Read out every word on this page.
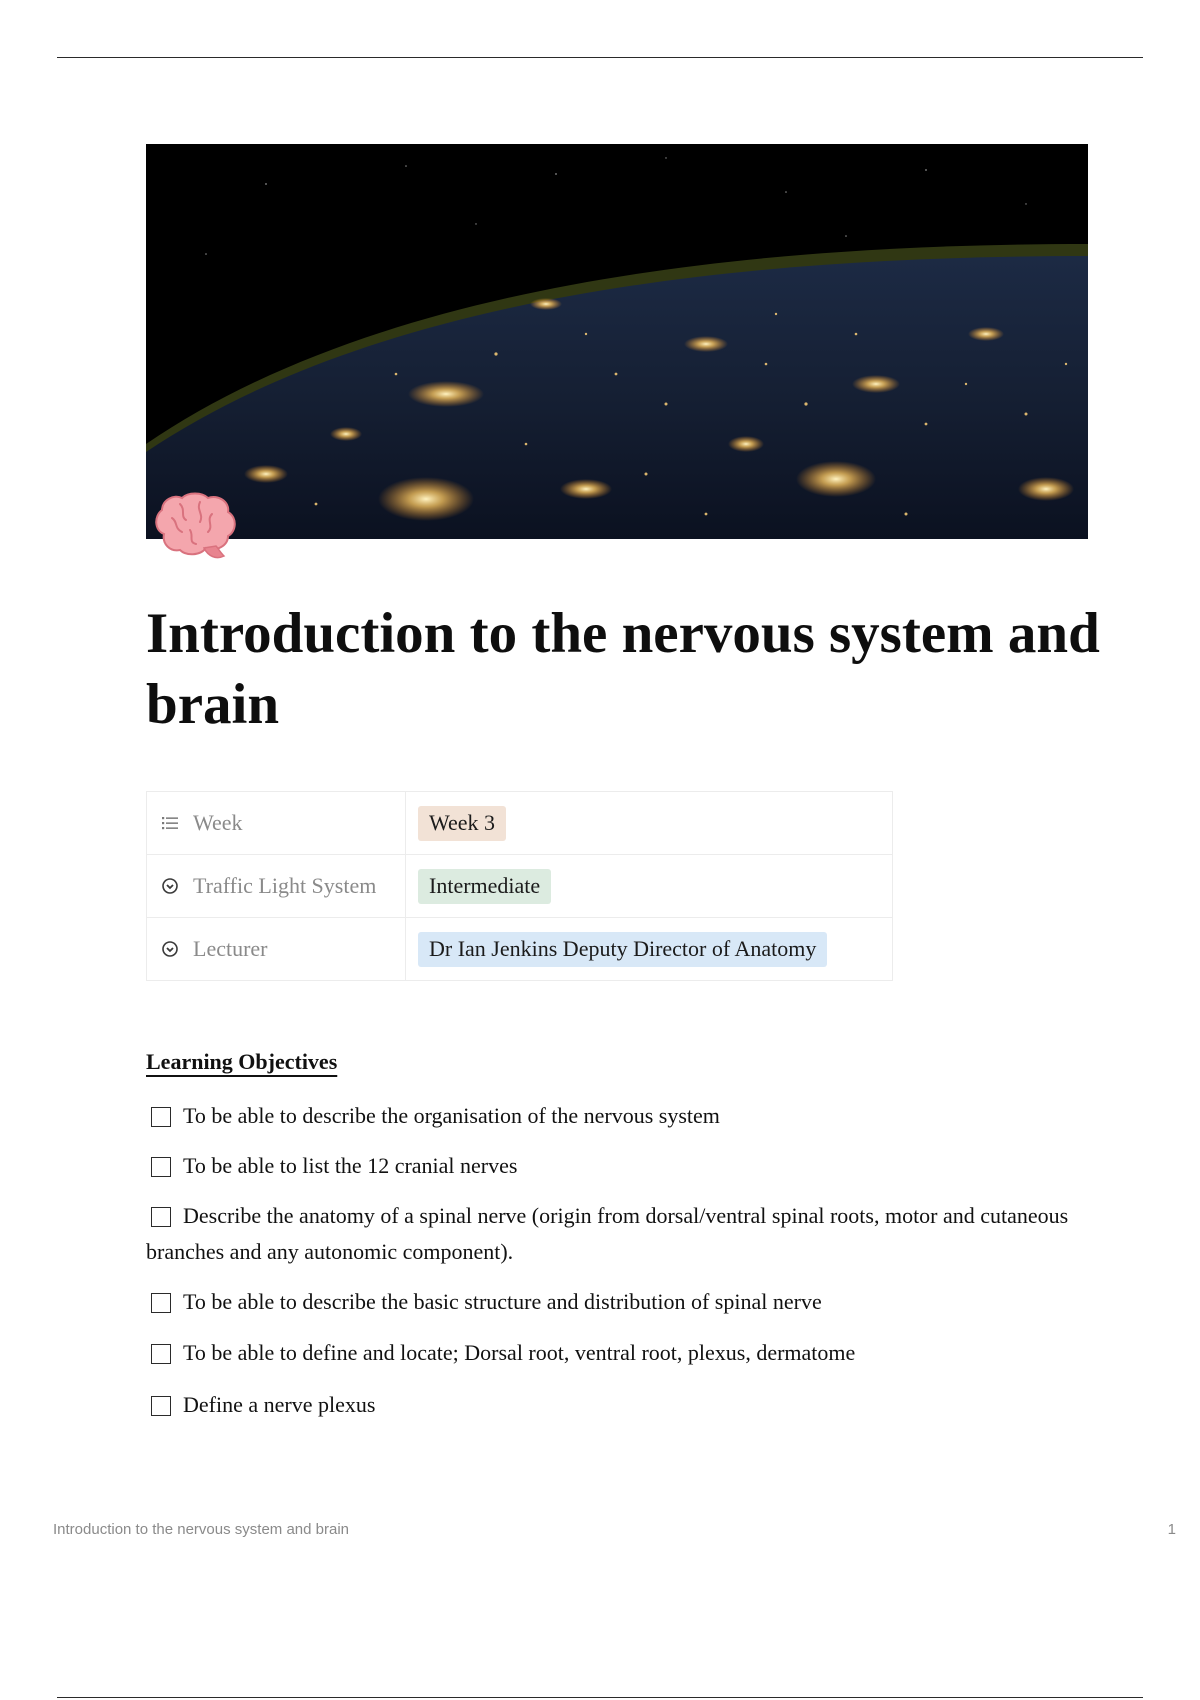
Introduction to the nervous system and brain
Week	Week 3

Traffic Light System	Intermediate

Lecturer	Dr Ian Jenkins Deputy Director of Anatomy
Learning Objectives
To be able to describe the organisation of the nervous system
To be able to list the 12 cranial nerves
Describe the anatomy of a spinal nerve (origin from dorsal/ventral spinal roots, motor and cutaneous branches and any autonomic component).
To be able to describe the basic structure and distribution of spinal nerve
To be able to define and locate; Dorsal root, ventral root, plexus, dermatome
Define a nerve plexus
Introduction to the nervous system and brain	1
